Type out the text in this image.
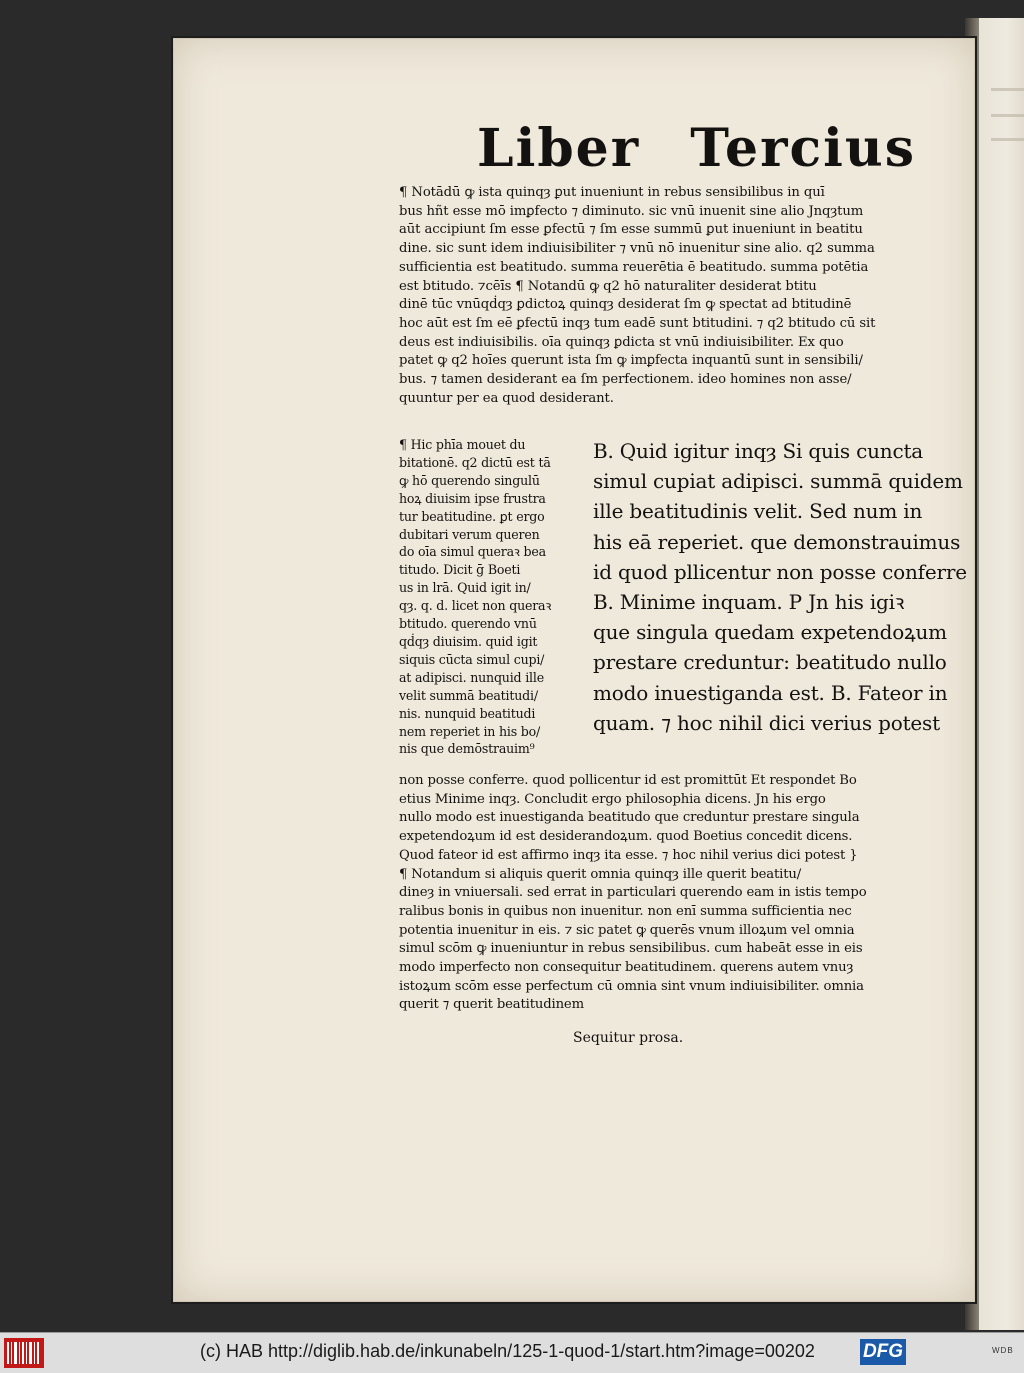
Liber Tercius
¶ Notādū ꝙ ista quinqȝ ꝑut inueniunt in rebus sensibilibus in quī
bus hñt esse mō imꝑfecto ⁊ diminuto. sic vnū inuenit sine alio Jnqȝtum
aūt accipiunt ſm esse ꝑfectū ⁊ ſm esse summū ꝑut inueniunt in beatitu
dine. sic sunt idem indiuisibiliter ⁊ vnū nō inuenitur sine alio. q2 summa
sufficientia est beatitudo. summa reuerētia ē beatitudo. summa potētia
est btitudo. ⁊cēīs ¶ Notandū ꝙ q2 hō naturaliter desiderat btitu
dinē tūc vnūqḋqȝ ꝑdictoꝝ quinqȝ desiderat ſm ꝙ spectat ad btitudinē
hoc aūt est ſm eē ꝑfectū inqȝ tum eadē sunt btitudini. ⁊ q2 btitudo cū sit
deus est indiuisibilis. oīa quinqȝ ꝑdicta st vnū indiuisibiliter. Ex quo
patet ꝙ q2 hoīes querunt ista ſm ꝙ imꝑfecta inquantū sunt in sensibili/
bus. ⁊ tamen desiderant ea ſm perfectionem. ideo homines non asse/
quuntur per ea quod desiderant.
¶ Hic phīa mouet du
bitationē. q2 dictū est tā
ꝙ hō querendo singulū
hoꝝ diuisim ipse frustra
tur beatitudine. ꝑt ergo
dubitari verum queren
do oīa simul queraꝛ bea
titudo. Dicit ḡ Boeti
us in lrā. Quid igit in/
qȝ. q. d. licet non queraꝛ
btitudo. querendo vnū
qḋqȝ diuisim. quid igit
siquis cūcta simul cupi/
at adipisci. nunquid ille
velit summā beatitudi/
nis. nunquid beatitudi
nem reperiet in his bo/
nis que demōstrauim⁹
B. Quid igitur inqȝ Si quis cuncta
simul cupiat adipisci. summā quidem
ille beatitudinis velit. Sed num in
his eā reperiet. que demonstrauimus
id quod pllicentur non posse conferre
B. Minime inquam. P Jn his igiꝛ
que singula quedam expetendoꝝum
prestare creduntur: beatitudo nullo
modo inuestiganda est. B. Fateor in
quam. ⁊ hoc nihil dici verius potest
non posse conferre. quod pollicentur id est promittūt Et respondet Bo
etius Minime inqȝ. Concludit ergo philosophia dicens. Jn his ergo
nullo modo est inuestiganda beatitudo que creduntur prestare singula
expetendoꝝum id est desiderandoꝝum. quod Boetius concedit dicens.
Quod fateor id est affirmo inqȝ ita esse. ⁊ hoc nihil verius dici potest }
¶ Notandum si aliquis querit omnia quinqȝ ille querit beatitu/
dineȝ in vniuersali. sed errat in particulari querendo eam in istis tempo
ralibus bonis in quibus non inuenitur. non enī summa sufficientia nec
potentia inuenitur in eis. ⁊ sic patet ꝙ querēs vnum illoꝝum vel omnia
simul scōm ꝙ inueniuntur in rebus sensibilibus. cum habeāt esse in eis
modo imperfecto non consequitur beatitudinem. querens autem vnuȝ
istoꝝum scōm esse perfectum cū omnia sint vnum indiuisibiliter. omnia
querit ⁊ querit beatitudinem
Sequitur prosa.
(c) HAB http://diglib.hab.de/inkunabeln/125-1-quod-1/start.htm?image=00202	DFG	WDB
